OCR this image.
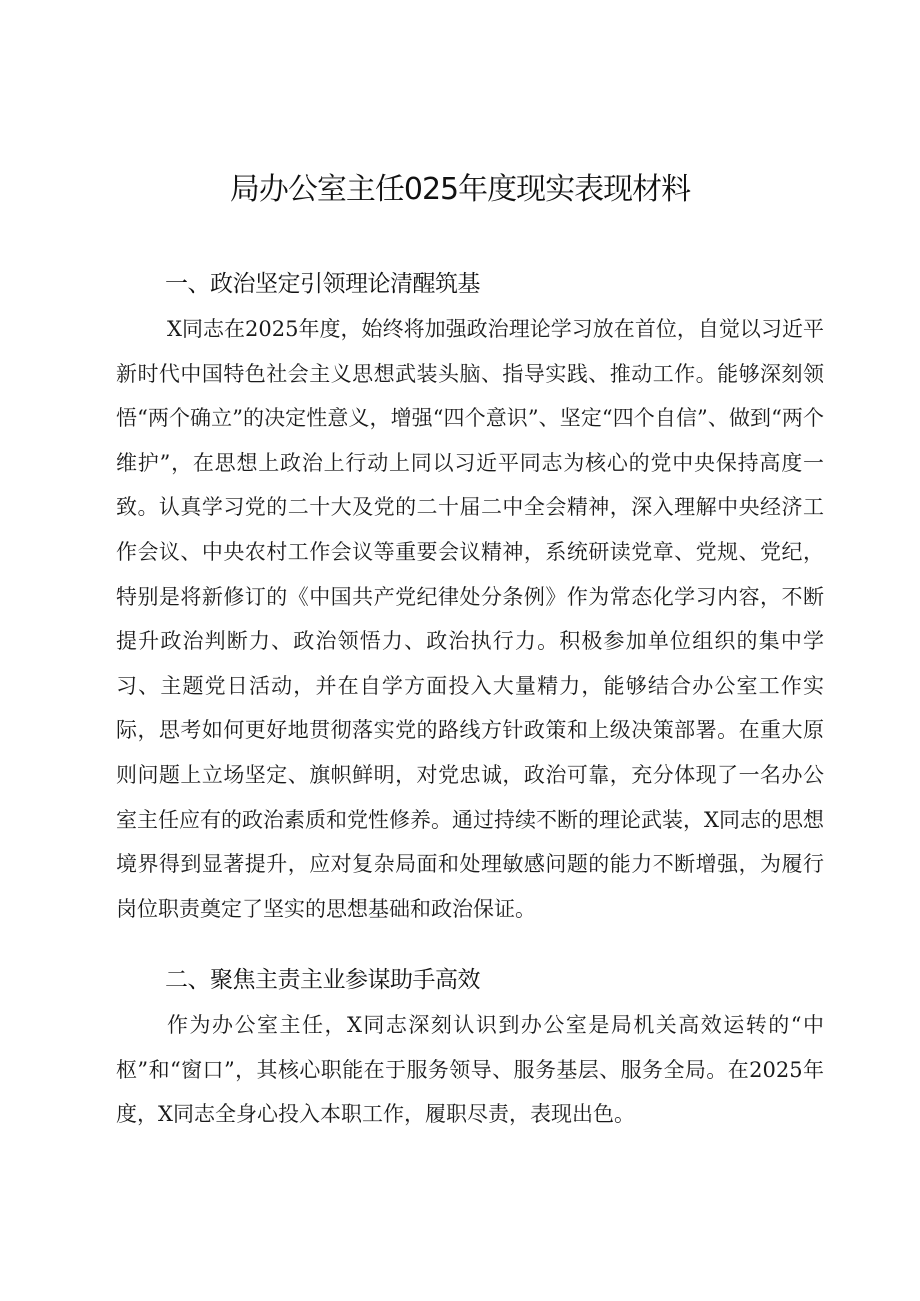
局办公室主任025年度现实表现材料
一、政治坚定引领理论清醒筑基

X同志在2025年度，始终将加强政治理论学习放在首位，自觉以习近平新时代中国特色社会主义思想武装头脑、指导实践、推动工作。能够深刻领悟“两个确立”的决定性意义，增强“四个意识”、坚定“四个自信”、做到“两个维护”，在思想上政治上行动上同以习近平同志为核心的党中央保持高度一致。认真学习党的二十大及党的二十届二中全会精神，深入理解中央经济工作会议、中央农村工作会议等重要会议精神，系统研读党章、党规、党纪，特别是将新修订的《中国共产党纪律处分条例》作为常态化学习内容，不断提升政治判断力、政治领悟力、政治执行力。积极参加单位组织的集中学习、主题党日活动，并在自学方面投入大量精力，能够结合办公室工作实际，思考如何更好地贯彻落实党的路线方针政策和上级决策部署。在重大原则问题上立场坚定、旗帜鲜明，对党忠诚，政治可靠，充分体现了一名办公室主任应有的政治素质和党性修养。通过持续不断的理论武装，X同志的思想境界得到显著提升，应对复杂局面和处理敏感问题的能力不断增强，为履行岗位职责奠定了坚实的思想基础和政治保证。

二、聚焦主责主业参谋助手高效

作为办公室主任，X同志深刻认识到办公室是局机关高效运转的“中枢”和“窗口”，其核心职能在于服务领导、服务基层、服务全局。在2025年度，X同志全身心投入本职工作，履职尽责，表现出色。
